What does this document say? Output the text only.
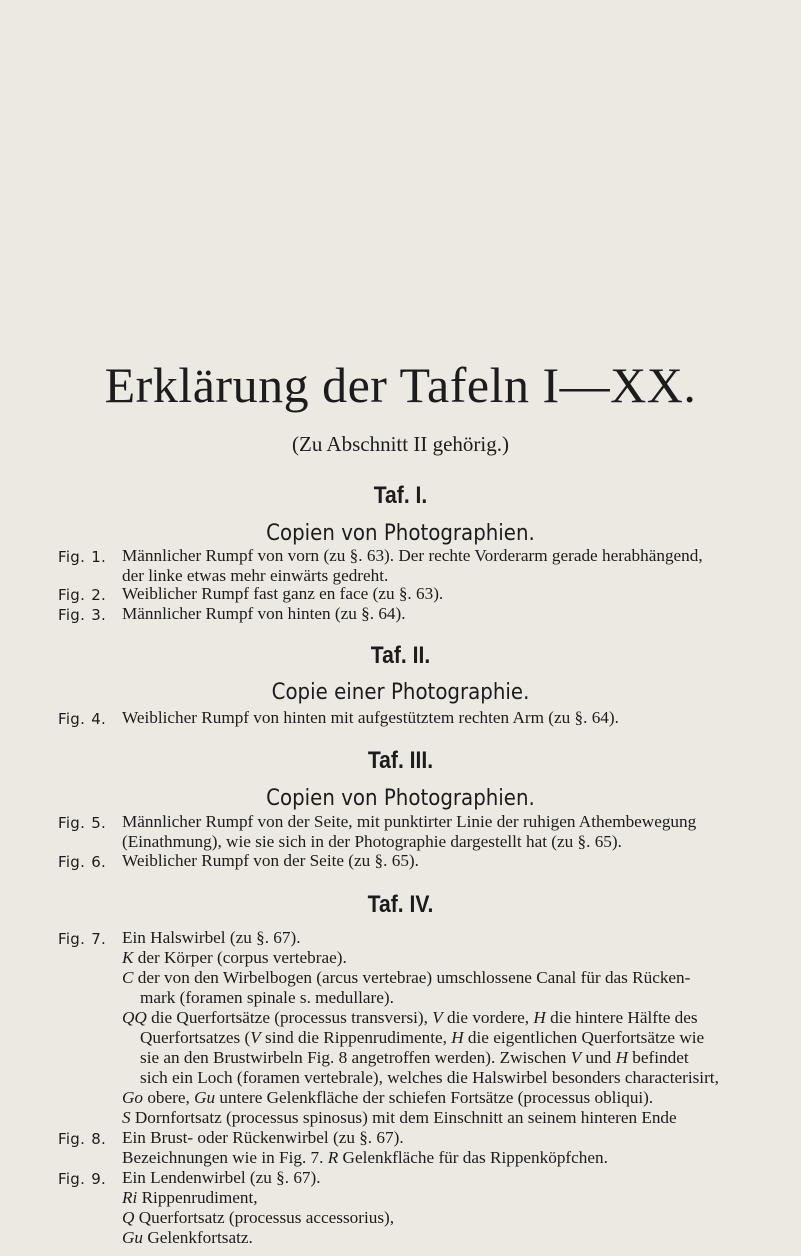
Erklärung der Tafeln I—XX.
(Zu Abschnitt II gehörig.)
Taf. I.
Copien von Photographien.
Fig. 1. Männlicher Rumpf von vorn (zu §. 63). Der rechte Vorderarm gerade herabhängend,
der linke etwas mehr einwärts gedreht.
Fig. 2. Weiblicher Rumpf fast ganz en face (zu §. 63).
Fig. 3. Männlicher Rumpf von hinten (zu §. 64).
Taf. II.
Copie einer Photographie.
Fig. 4. Weiblicher Rumpf von hinten mit aufgestütztem rechten Arm (zu §. 64).
Taf. III.
Copien von Photographien.
Fig. 5. Männlicher Rumpf von der Seite, mit punktirter Linie der ruhigen Athembewegung
(Einathmung), wie sie sich in der Photographie dargestellt hat (zu §. 65).
Fig. 6. Weiblicher Rumpf von der Seite (zu §. 65).
Taf. IV.
Fig. 7. Ein Halswirbel (zu §. 67).
K der Körper (corpus vertebrae).
C der von den Wirbelbogen (arcus vertebrae) umschlossene Canal für das Rücken-
mark (foramen spinale s. medullare).
QQ die Querfortsätze (processus transversi), V die vordere, H die hintere Hälfte des
Querfortsatzes (V sind die Rippenrudimente, H die eigentlichen Querfortsätze wie
sie an den Brustwirbeln Fig. 8 angetroffen werden). Zwischen V und H befindet
sich ein Loch (foramen vertebrale), welches die Halswirbel besonders characterisirt,
Go obere, Gu untere Gelenkfläche der schiefen Fortsätze (processus obliqui).
S Dornfortsatz (processus spinosus) mit dem Einschnitt an seinem hinteren Ende
Fig. 8. Ein Brust- oder Rückenwirbel (zu §. 67).
Bezeichnungen wie in Fig. 7. R Gelenkfläche für das Rippenköpfchen.
Fig. 9. Ein Lendenwirbel (zu §. 67).
Ri Rippenrudiment,
Q Querfortsatz (processus accessorius),
Gu Gelenkfortsatz.
